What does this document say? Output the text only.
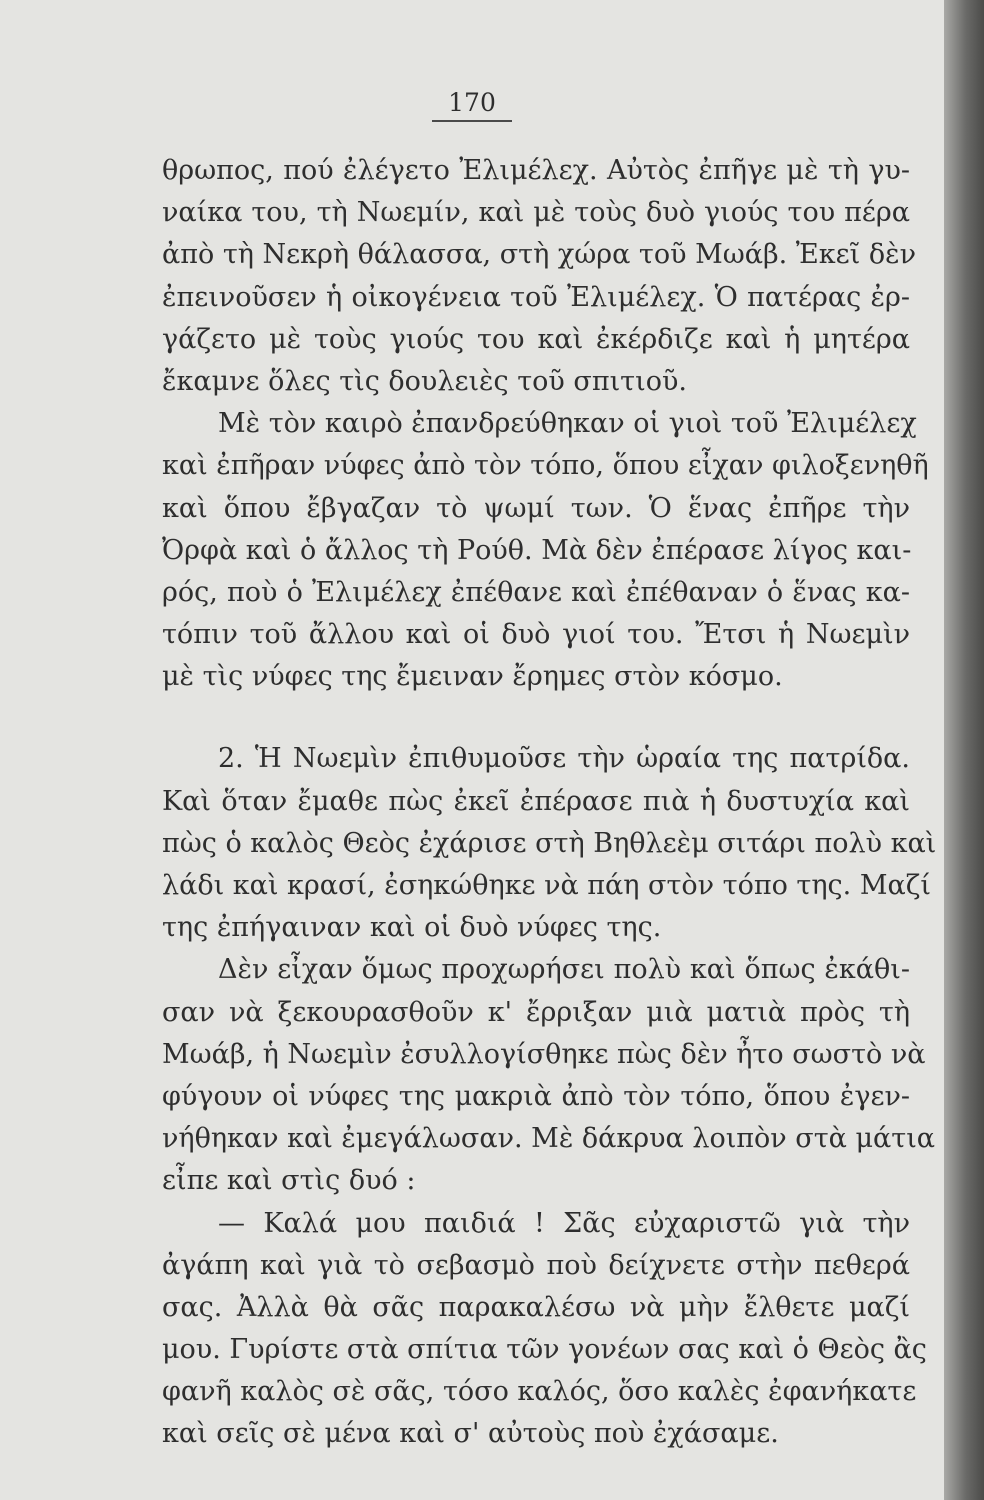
170
θρωπος, πού ἐλέγετο Ἐλιμέλεχ. Αὐτὸς ἐπῆγε μὲ τὴ γυ-
ναίκα του, τὴ Νωεμίν, καὶ μὲ τοὺς δυὸ γιούς του πέρα
ἀπὸ τὴ Νεκρὴ θάλασσα, στὴ χώρα τοῦ Μωάβ. Ἐκεῖ δὲν
ἐπεινοῦσεν ἡ οἰκογένεια τοῦ Ἐλιμέλεχ. Ὁ πατέρας ἐρ-
γάζετο μὲ τοὺς γιούς του καὶ ἐκέρδιζε καὶ ἡ μητέρα
ἔκαμνε ὅλες τὶς δουλειὲς τοῦ σπιτιοῦ.
Μὲ τὸν καιρὸ ἐπανδρεύθηκαν οἱ γιοὶ τοῦ Ἐλιμέλεχ
καὶ ἐπῆραν νύφες ἀπὸ τὸν τόπο, ὅπου εἶχαν φιλοξενηθῆ
καὶ ὅπου ἔβγαζαν τὸ ψωμί των. Ὁ ἕνας ἐπῆρε τὴν
Ὀρφὰ καὶ ὁ ἄλλος τὴ Ρούθ. Μὰ δὲν ἐπέρασε λίγος και-
ρός, ποὺ ὁ Ἐλιμέλεχ ἐπέθανε καὶ ἐπέθαναν ὁ ἕνας κα-
τόπιν τοῦ ἄλλου καὶ οἱ δυὸ γιοί του. Ἔτσι ἡ Νωεμὶν
μὲ τὶς νύφες της ἔμειναν ἔρημες στὸν κόσμο.
2. Ἡ Νωεμὶν ἐπιθυμοῦσε τὴν ὡραία της πατρίδα.
Καὶ ὅταν ἔμαθε πὼς ἐκεῖ ἐπέρασε πιὰ ἡ δυστυχία καὶ
πὼς ὁ καλὸς Θεὸς ἐχάρισε στὴ Βηθλεὲμ σιτάρι πολὺ καὶ
λάδι καὶ κρασί, ἐσηκώθηκε νὰ πάη στὸν τόπο της. Μαζί
της ἐπήγαιναν καὶ οἱ δυὸ νύφες της.
Δὲν εἶχαν ὅμως προχωρήσει πολὺ καὶ ὅπως ἐκάθι-
σαν νὰ ξεκουρασθοῦν κ' ἔρριξαν μιὰ ματιὰ πρὸς τὴ
Μωάβ, ἡ Νωεμὶν ἐσυλλογίσθηκε πὼς δὲν ἦτο σωστὸ νὰ
φύγουν οἱ νύφες της μακριὰ ἀπὸ τὸν τόπο, ὅπου ἐγεν-
νήθηκαν καὶ ἐμεγάλωσαν. Μὲ δάκρυα λοιπὸν στὰ μάτια
εἶπε καὶ στὶς δυό :
— Καλά μου παιδιά ! Σᾶς εὐχαριστῶ γιὰ τὴν
ἀγάπη καὶ γιὰ τὸ σεβασμὸ ποὺ δείχνετε στὴν πεθερά
σας. Ἀλλὰ θὰ σᾶς παρακαλέσω νὰ μὴν ἔλθετε μαζί
μου. Γυρίστε στὰ σπίτια τῶν γονέων σας καὶ ὁ Θεὸς ἂς
φανῆ καλὸς σὲ σᾶς, τόσο καλός, ὅσο καλὲς ἐφανήκατε
καὶ σεῖς σὲ μένα καὶ σ' αὐτοὺς ποὺ ἐχάσαμε.
